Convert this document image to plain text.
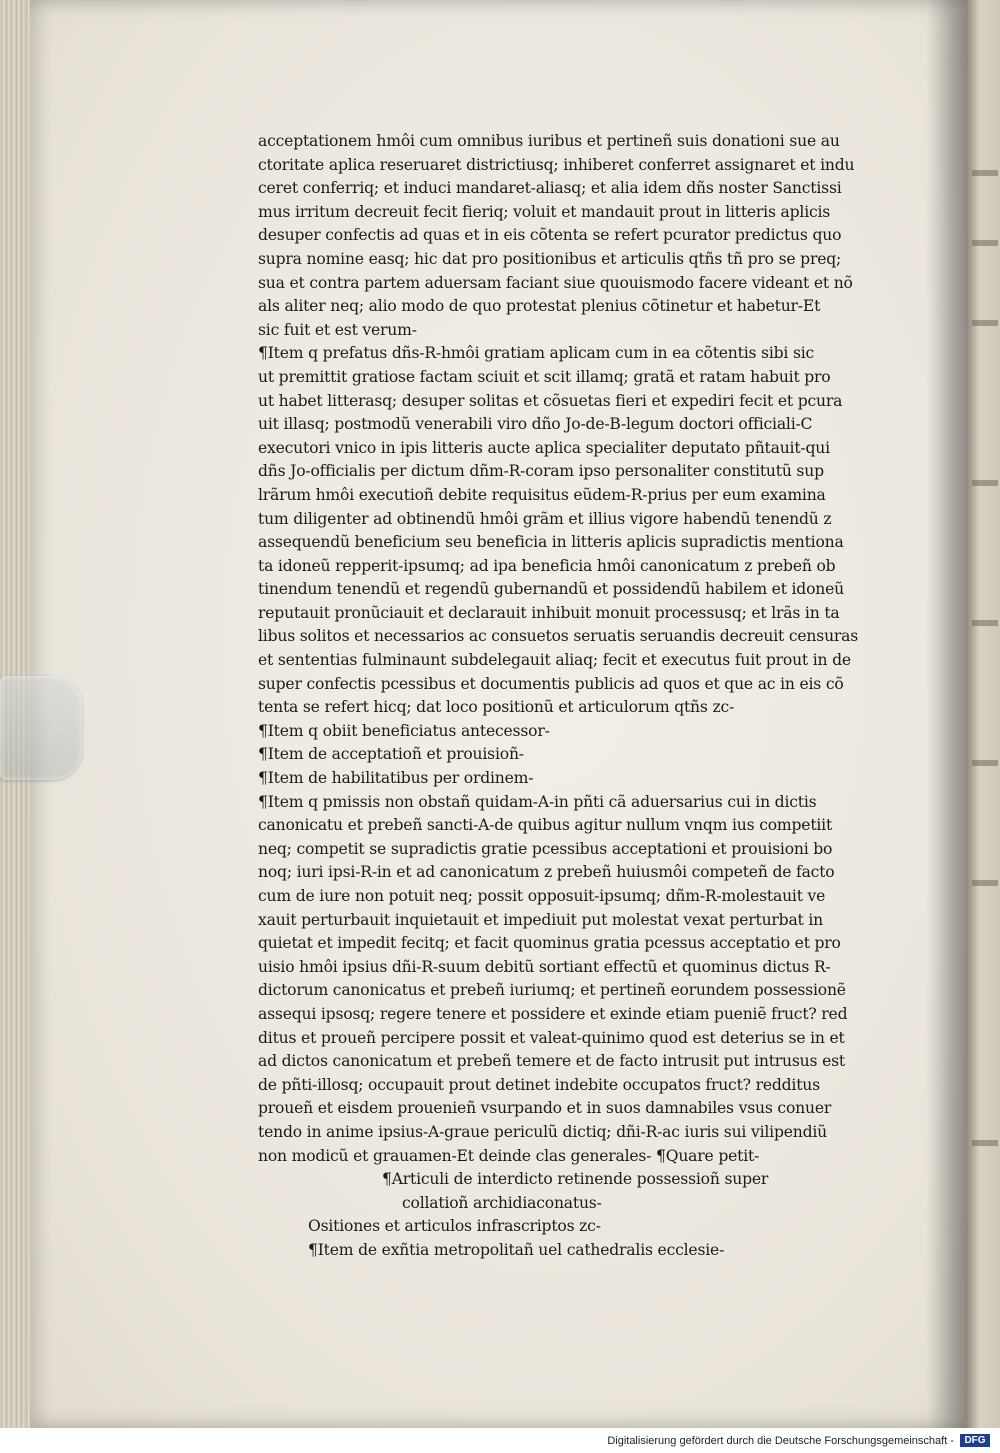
acceptationem hmôi cum omnibus iuribus et pertineñ suis donationi sue au
ctoritate aplica reseruaret districtiusq; inhiberet conferret assignaret et indu
ceret conferriq; et induci mandaret-aliasq; et alia idem dñs noster Sanctissi
mus irritum decreuit fecit fieriq; voluit et mandauit prout in litteris aplicis
desuper confectis ad quas et in eis cõtenta se refert pcurator predictus quo
supra nomine easq; hic dat pro positionibus et articulis qtñs tñ pro se preq;
sua et contra partem aduersam faciant siue quouismodo facere videant et nõ
als aliter neq; alio modo de quo protestat plenius cõtinetur et habetur-Et
sic fuit et est verum-
¶Item q prefatus dñs-R-hmôi gratiam aplicam cum in ea cõtentis sibi sic
ut premittit gratiose factam sciuit et scit illamq; gratã et ratam habuit pro
ut habet litterasq; desuper solitas et cõsuetas fieri et expediri fecit et pcura
uit illasq; postmodũ venerabili viro dño Jo-de-B-legum doctori officiali-C
executori vnico in ipis litteris aucte aplica specialiter deputato pñtauit-qui
dñs Jo-officialis per dictum dñm-R-coram ipso personaliter constitutũ sup
lrãrum hmôi executioñ debite requisitus eũdem-R-prius per eum examina
tum diligenter ad obtinendũ hmôi grãm et illius vigore habendũ tenendũ z
assequendũ beneficium seu beneficia in litteris aplicis supradictis mentiona
ta idoneũ repperit-ipsumq; ad ipa beneficia hmôi canonicatum z prebeñ ob
tinendum tenendũ et regendũ gubernandũ et possidendũ habilem et idoneũ
reputauit pronũciauit et declarauit inhibuit monuit processusq; et lrãs in ta
libus solitos et necessarios ac consuetos seruatis seruandis decreuit censuras
et sententias fulminaunt subdelegauit aliaq; fecit et executus fuit prout in de
super confectis pcessibus et documentis publicis ad quos et que ac in eis cõ
tenta se refert hicq; dat loco positionũ et articulorum qtñs zc-
¶Item q obiit beneficiatus antecessor-
¶Item de acceptatioñ et prouisioñ-
¶Item de habilitatibus per ordinem-
¶Item q pmissis non obstañ quidam-A-in pñti cã aduersarius cui in dictis
canonicatu et prebeñ sancti-A-de quibus agitur nullum vnqm ius competiit
neq; competit se supradictis gratie pcessibus acceptationi et prouisioni bo
noq; iuri ipsi-R-in et ad canonicatum z prebeñ huiusmôi competeñ de facto
cum de iure non potuit neq; possit opposuit-ipsumq; dñm-R-molestauit ve
xauit perturbauit inquietauit et impediuit put molestat vexat perturbat in
quietat et impedit fecitq; et facit quominus gratia pcessus acceptatio et pro
uisio hmôi ipsius dñi-R-suum debitũ sortiant effectũ et quominus dictus R-
dictorum canonicatus et prebeñ iuriumq; et pertineñ eorundem possessionẽ
assequi ipsosq; regere tenere et possidere et exinde etiam pueniẽ fruct? red
ditus et proueñ percipere possit et valeat-quinimo quod est deterius se in et
ad dictos canonicatum et prebeñ temere et de facto intrusit put intrusus est
de pñti-illosq; occupauit prout detinet indebite occupatos fruct? redditus
proueñ et eisdem prouenieñ vsurpando et in suos damnabiles vsus conuer
tendo in anime ipsius-A-graue periculũ dictiq; dñi-R-ac iuris sui vilipendiũ
non modicũ et grauamen-Et deinde clas generales- ¶Quare petit-
¶Articuli de interdicto retinende possessioñ super
collatioñ archidiaconatus-
Ositiones et articulos infrascriptos zc-
¶Item de exñtia metropolitañ uel cathedralis ecclesie-
Digitalisierung gefördert durch die Deutsche Forschungsgemeinschaft -	DFG
